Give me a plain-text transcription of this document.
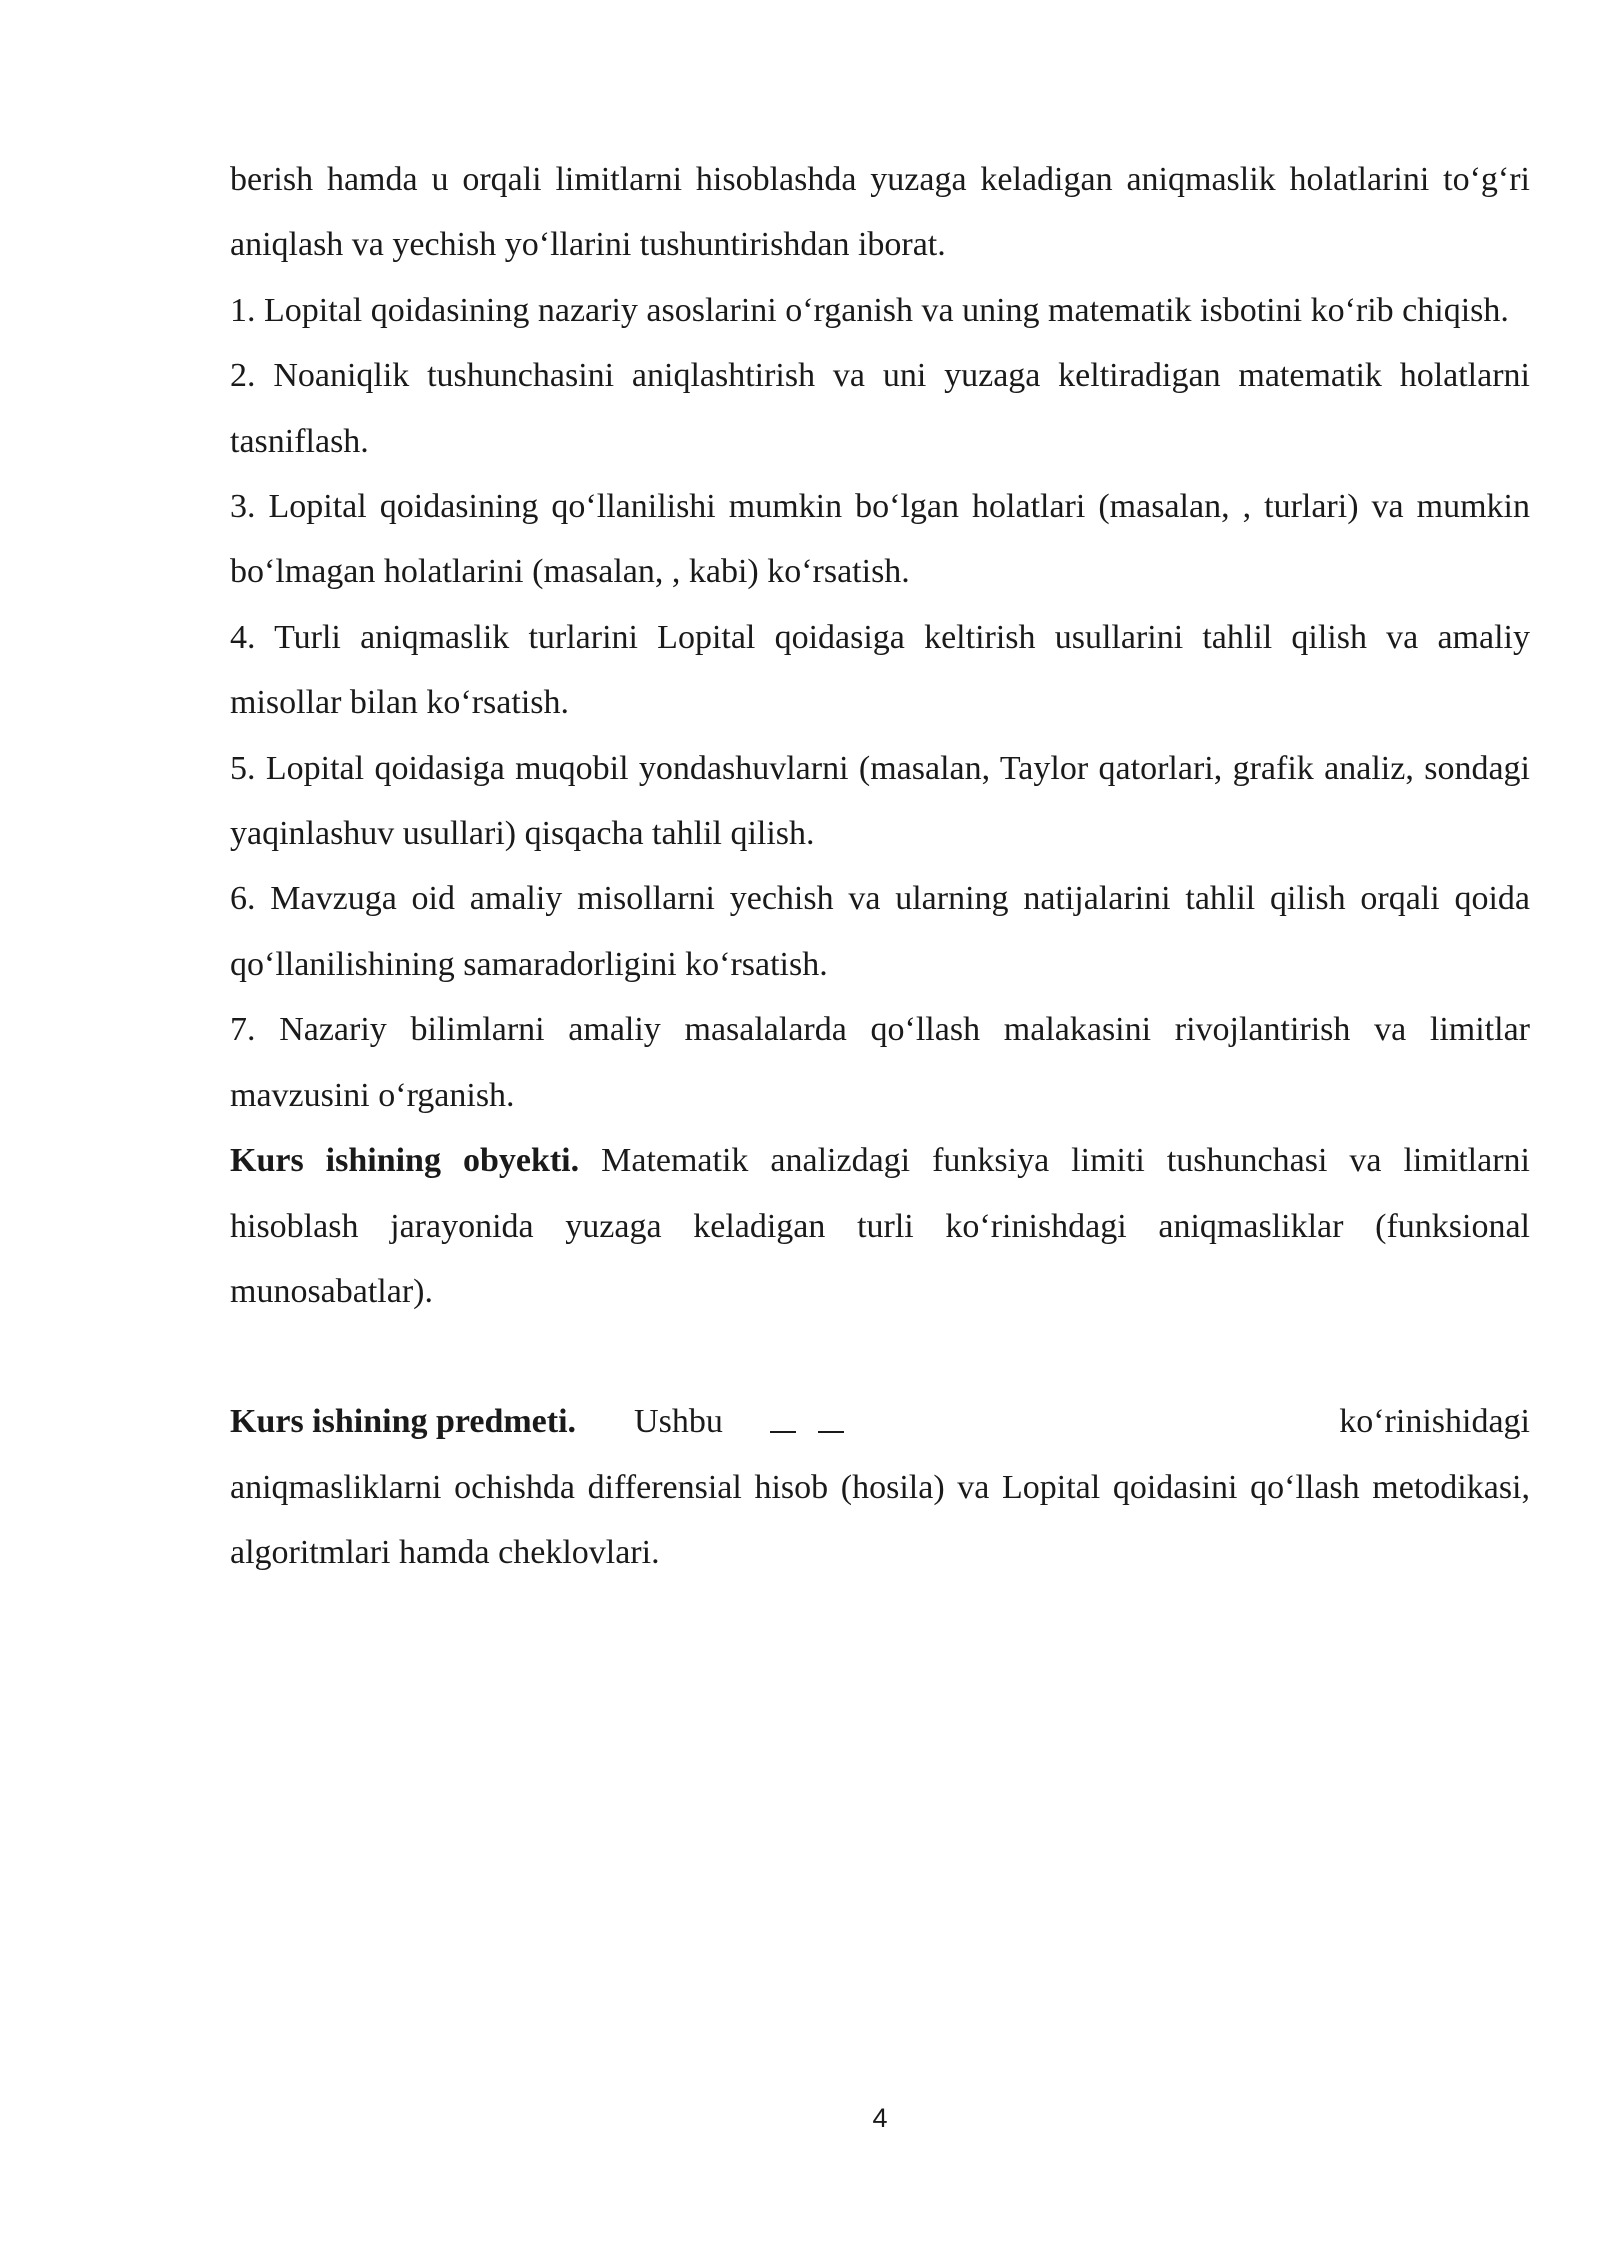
berish hamda u orqali limitlarni hisoblashda yuzaga keladigan aniqmaslik holatlarini to‘g‘ri aniqlash va yechish yo‘llarini tushuntirishdan iborat.

1. Lopital qoidasining nazariy asoslarini o‘rganish va uning matematik isbotini ko‘rib chiqish.

2. Noaniqlik tushunchasini aniqlashtirish va uni yuzaga keltiradigan matematik holatlarni tasniflash.

3. Lopital qoidasining qo‘llanilishi mumkin bo‘lgan holatlari (masalan, , turlari) va mumkin bo‘lmagan holatlarini (masalan, , kabi) ko‘rsatish.

4. Turli aniqmaslik turlarini Lopital qoidasiga keltirish usullarini tahlil qilish va amaliy misollar bilan ko‘rsatish.

5. Lopital qoidasiga muqobil yondashuvlarni (masalan, Taylor qatorlari, grafik analiz, sondagi yaqinlashuv usullari) qisqacha tahlil qilish.

6. Mavzuga oid amaliy misollarni yechish va ularning natijalarini tahlil qilish orqali qoida qo‘llanilishining samaradorligini ko‘rsatish.

7. Nazariy bilimlarni amaliy masalalarda qo‘llash malakasini rivojlantirish va limitlar mavzusini o‘rganish.

Kurs ishining obyekti. Matematik analizdagi funksiya limiti tushunchasi va limitlarni hisoblash jarayonida yuzaga keladigan turli ko‘rinishdagi aniqmasliklar (funksional munosabatlar).

Kurs ishining predmeti. Ushbu	ko‘rinishidagi

aniqmasliklarni ochishda differensial hisob (hosila) va Lopital qoidasini qo‘llash metodikasi, algoritmlari hamda cheklovlari.

4
